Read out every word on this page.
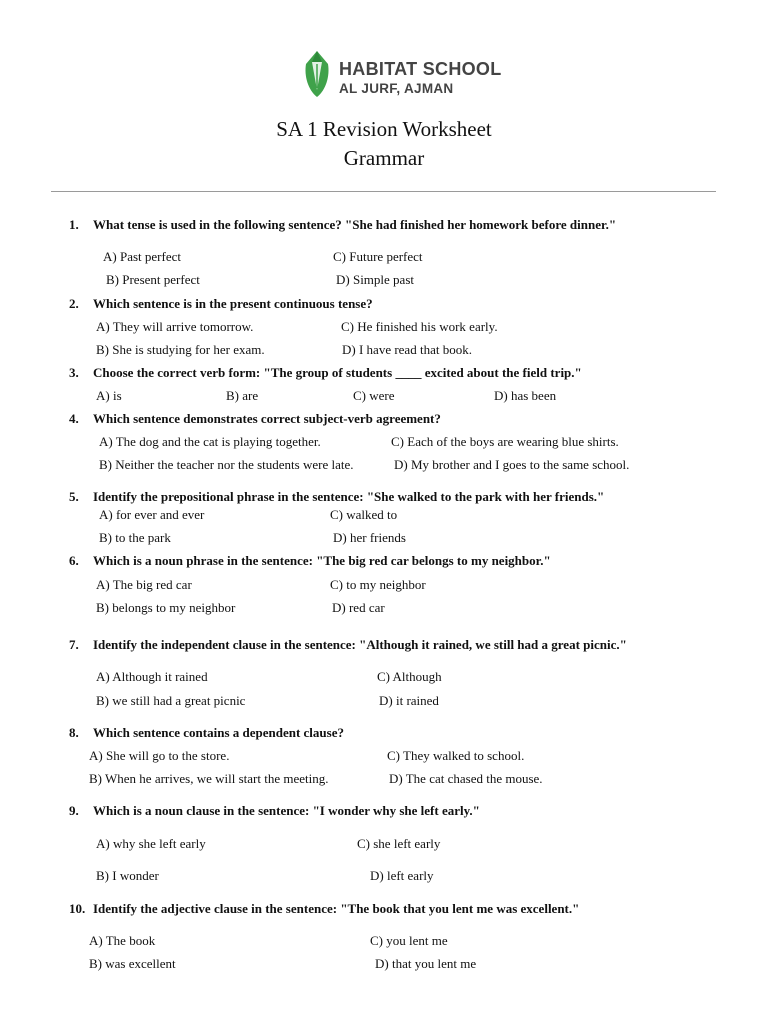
HABITAT SCHOOL
AL JURF, AJMAN
SA 1 Revision Worksheet
Grammar
1. What tense is used in the following sentence? "She had finished her homework before dinner."
A) Past perfect	C) Future perfect
B) Present perfect	D) Simple past
2. Which sentence is in the present continuous tense?
A) They will arrive tomorrow.	C) He finished his work early.
B) She is studying for her exam.	D) I have read that book.
3. Choose the correct verb form: "The group of students ____ excited about the field trip."
A) is	B) are	C) were	D) has been
4. Which sentence demonstrates correct subject-verb agreement?
A) The dog and the cat is playing together.	C) Each of the boys are wearing blue shirts.
B) Neither the teacher nor the students were late.	D) My brother and I goes to the same school.
5. Identify the prepositional phrase in the sentence: "She walked to the park with her friends."
A) for ever and ever	C) walked to
B) to the park	D) her friends
6. Which is a noun phrase in the sentence: "The big red car belongs to my neighbor."
A) The big red car	C) to my neighbor
B) belongs to my neighbor	D) red car
7. Identify the independent clause in the sentence: "Although it rained, we still had a great picnic."
A) Although it rained	C) Although
B) we still had a great picnic	D) it rained
8. Which sentence contains a dependent clause?
A) She will go to the store.	C) They walked to school.
B) When he arrives, we will start the meeting.	D) The cat chased the mouse.
9. Which is a noun clause in the sentence: "I wonder why she left early."
A) why she left early	C) she left early
B) I wonder	D) left early
10. Identify the adjective clause in the sentence: "The book that you lent me was excellent."
A) The book	C) you lent me
B) was excellent	D) that you lent me
